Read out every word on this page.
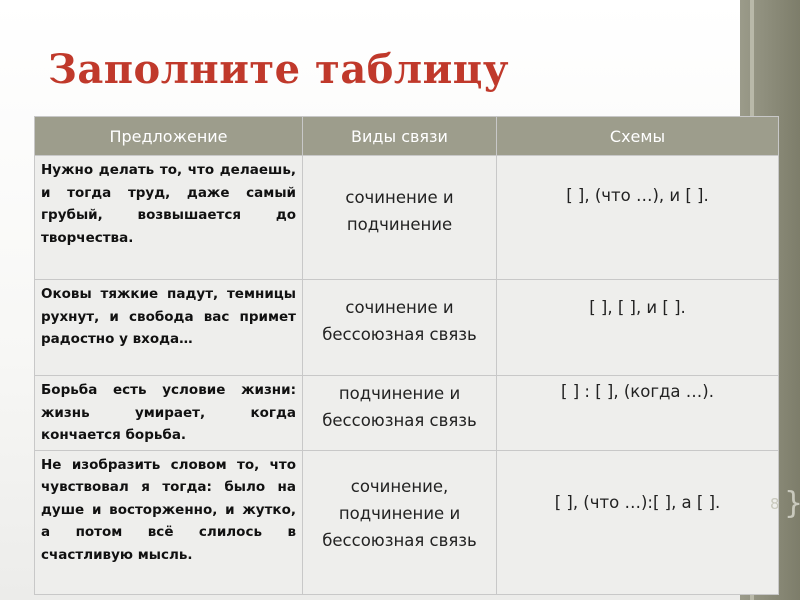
Заполните таблицу
Предложение	Виды связи	Схемы

Нужно делать то, что делаешь, и тогда труд, даже самый грубый, возвышается до творчества.	сочинение и
подчинение	[ ], (что …), и [ ].

Оковы тяжкие падут, темницы рухнут, и свобода вас примет радостно у входа…	сочинение и
бессоюзная связь	[ ], [ ], и [ ].

Борьба есть условие жизни: жизнь умирает, когда кончается борьба.	подчинение и
бессоюзная связь	[ ] : [ ], (когда …).

Не изобразить словом то, что чувствовал я тогда: было на душе и восторженно, и жутко, а потом всё слилось в счастливую мысль.	сочинение,
подчинение и
бессоюзная связь	[ ], (что …):[ ], а [ ].	8 }
